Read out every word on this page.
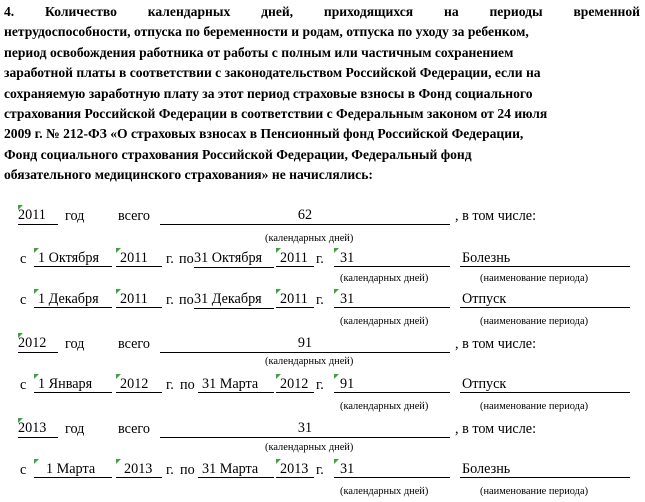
4. Количество календарных дней, приходящихся на периоды временной
нетрудоспособности, отпуска по беременности и родам, отпуска по уходу за ребенком,
период освобождения работника от работы с полным или частичным сохранением
заработной платы в соответствии с законодательством Российской Федерации, если на
сохраняемую заработную плату за этот период страховые взносы в Фонд социального
страхования Российской Федерации в соответствии с Федеральным законом от 24 июля
2009 г. № 212-ФЗ «О страховых взносах в Пенсионный фонд Российской Федерации,
Фонд социального страхования Российской Федерации, Федеральный фонд
обязательного медицинского страхования» не начислялись:
2011	год всего	62	, в том числе:
(календарных дней)
с 1 Октября	2011	г. по 31 Октября	2011 г.	31	Болезнь
(календарных дней)	(наименование периода)
с 1 Декабря	2011	г. по 31 Декабря	2011 г.	31	Отпуск
(календарных дней)	(наименование периода)
2012	год всего	91	, в том числе:
(календарных дней)
с 1 Января	2012	г. по 31 Марта	2012 г.	91	Отпуск
(календарных дней)	(наименование периода)
2013	год всего	31	, в том числе:
(календарных дней)
с	1 Марта	2013 г. по 31 Марта	2013 г.	31	Болезнь
(календарных дней)	(наименование периода)
